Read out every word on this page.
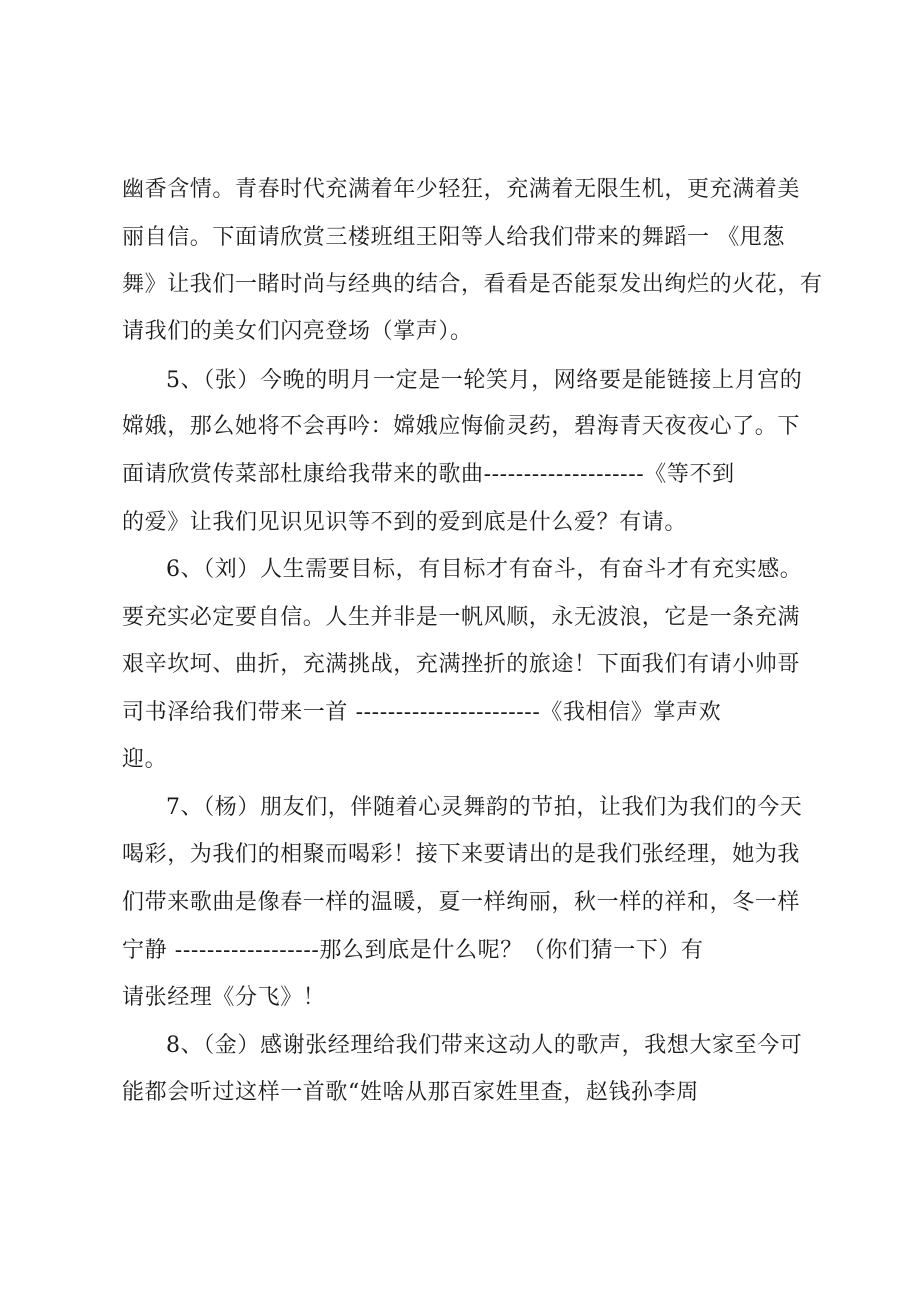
幽香含情。青春时代充满着年少轻狂，充满着无限生机，更充满着美
丽自信。下面请欣赏三楼班组王阳等人给我们带来的舞蹈一 《甩葱
舞》让我们一睹时尚与经典的结合，看看是否能泵发出绚烂的火花，有
请我们的美女们闪亮登场（掌声）。
5、（张）今晚的明月一定是一轮笑月，网络要是能链接上月宫的
嫦娥，那么她将不会再吟：嫦娥应悔偷灵药，碧海青天夜夜心了。下
面请欣赏传菜部杜康给我带来的歌曲--------------------《等不到
的爱》让我们见识见识等不到的爱到底是什么爱？有请。
6、（刘）人生需要目标，有目标才有奋斗，有奋斗才有充实感。
要充实必定要自信。人生并非是一帆风顺，永无波浪，它是一条充满
艰辛坎坷、曲折，充满挑战，充满挫折的旅途！下面我们有请小帅哥
司书泽给我们带来一首 -----------------------《我相信》掌声欢
迎。
7、（杨）朋友们，伴随着心灵舞韵的节拍，让我们为我们的今天
喝彩，为我们的相聚而喝彩！接下来要请出的是我们张经理，她为我
们带来歌曲是像春一样的温暖，夏一样绚丽，秋一样的祥和，冬一样
宁静 ------------------那么到底是什么呢？（你们猜一下）有
请张经理《分飞》！
8、（金）感谢张经理给我们带来这动人的歌声，我想大家至今可
能都会听过这样一首歌“姓啥从那百家姓里查，赵钱孙李周
